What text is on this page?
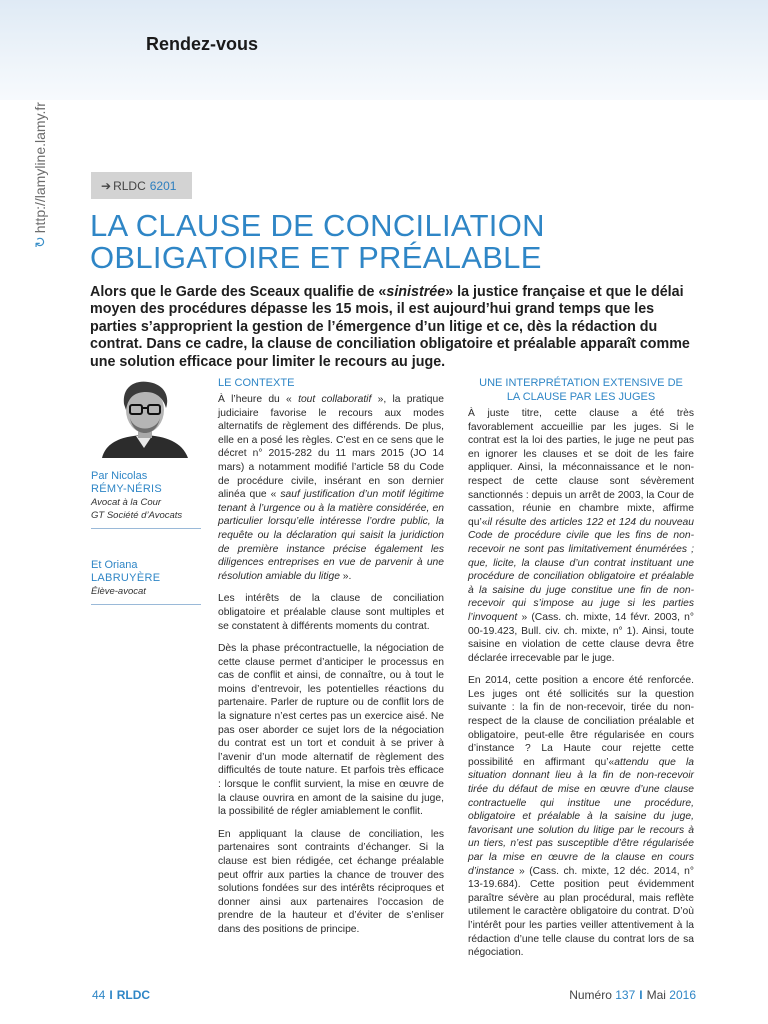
Rendez-vous
↻
http://lamyline.lamy.fr	➔ RLDC 6201
LA CLAUSE DE CONCILIATION
OBLIGATOIRE ET PRÉALABLE
Alors que le Garde des Sceaux qualifie de «sinistrée» la justice française et que le délai moyen des procédures dépasse les 15 mois, il est aujourd’hui grand temps que les parties s’approprient la gestion de l’émergence d’un litige et ce, dès la rédaction du contrat. Dans ce cadre, la clause de conciliation obligatoire et préalable apparaît comme une solution efficace pour limiter le recours au juge.
Par Nicolas
RÉMY-NÉRIS
Avocat à la Cour
GT Société d’Avocats
Et Oriana
LABRUYÈRE
Élève-avocat
LE CONTEXTE

À l’heure du « tout collaboratif », la pratique judiciaire favorise le recours aux modes alternatifs de règlement des différends. De plus, elle en a posé les règles. C’est en ce sens que le décret n° 2015-282 du 11 mars 2015 (JO 14 mars) a notamment modifié l’article 58 du Code de procédure civile, insérant en son dernier alinéa que « sauf justification d’un motif légitime tenant à l’urgence ou à la matière considérée, en particulier lorsqu’elle intéresse l’ordre public, la requête ou la déclaration qui saisit la juridiction de première instance précise également les diligences entreprises en vue de parvenir à une résolution amiable du litige ».

Les intérêts de la clause de conciliation obligatoire et préalable clause sont multiples et se constatent à différents moments du contrat.

Dès la phase précontractuelle, la négociation de cette clause permet d’anticiper le processus en cas de conflit et ainsi, de connaître, ou à tout le moins d’entrevoir, les potentielles réactions du partenaire. Parler de rupture ou de conflit lors de la signature n’est certes pas un exercice aisé. Ne pas oser aborder ce sujet lors de la négociation du contrat est un tort et conduit à se priver à l’avenir d’un mode alternatif de règlement des difficultés de toute nature. Et parfois très efficace : lorsque le conflit survient, la mise en œuvre de la clause ouvrira en amont de la saisine du juge, la possibilité de régler amiablement le conflit.

En appliquant la clause de conciliation, les partenaires sont contraints d’échanger. Si la clause est bien rédigée, cet échange préalable peut offrir aux parties la chance de trouver des solutions fondées sur des intérêts réciproques et donner ainsi aux partenaires l’occasion de prendre de la hauteur et d’éviter de s’enliser dans des positions de principe.

UNE INTERPRÉTATION EXTENSIVE DE LA CLAUSE PAR LES JUGES

À juste titre, cette clause a été très favorablement accueillie par les juges. Si le contrat est la loi des parties, le juge ne peut pas en ignorer les clauses et se doit de les faire appliquer. Ainsi, la méconnaissance et le non-respect de cette clause sont sévèrement sanctionnés : depuis un arrêt de 2003, la Cour de cassation, réunie en chambre mixte, affirme qu’«il résulte des articles 122 et 124 du nouveau Code de procédure civile que les fins de non-recevoir ne sont pas limitativement énumérées ; que, licite, la clause d’un contrat instituant une procédure de conciliation obligatoire et préalable à la saisine du juge constitue une fin de non-recevoir qui s’impose au juge si les parties l’invoquent » (Cass. ch. mixte, 14 févr. 2003, n° 00-19.423, Bull. civ. ch. mixte, n° 1). Ainsi, toute saisine en violation de cette clause devra être déclarée irrecevable par le juge.

En 2014, cette position a encore été renforcée. Les juges ont été sollicités sur la question suivante : la fin de non-recevoir, tirée du non-respect de la clause de conciliation préalable et obligatoire, peut-elle être régularisée en cours d’instance ? La Haute cour rejette cette possibilité en affirmant qu’«attendu que la situation donnant lieu à la fin de non-recevoir tirée du défaut de mise en œuvre d’une clause contractuelle qui institue une procédure, obligatoire et préalable à la saisine du juge, favorisant une solution du litige par le recours à un tiers, n’est pas susceptible d’être régularisée par la mise en œuvre de la clause en cours d’instance » (Cass. ch. mixte, 12 déc. 2014, n° 13-19.684). Cette position peut évidemment paraître sévère au plan procédural, mais reflète utilement le caractère obligatoire du contrat. D’où l’intérêt pour les parties veiller attentivement à la rédaction d’une telle clause du contrat lors de sa négociation.

44 I RLDC	Numéro 137 I Mai 2016
